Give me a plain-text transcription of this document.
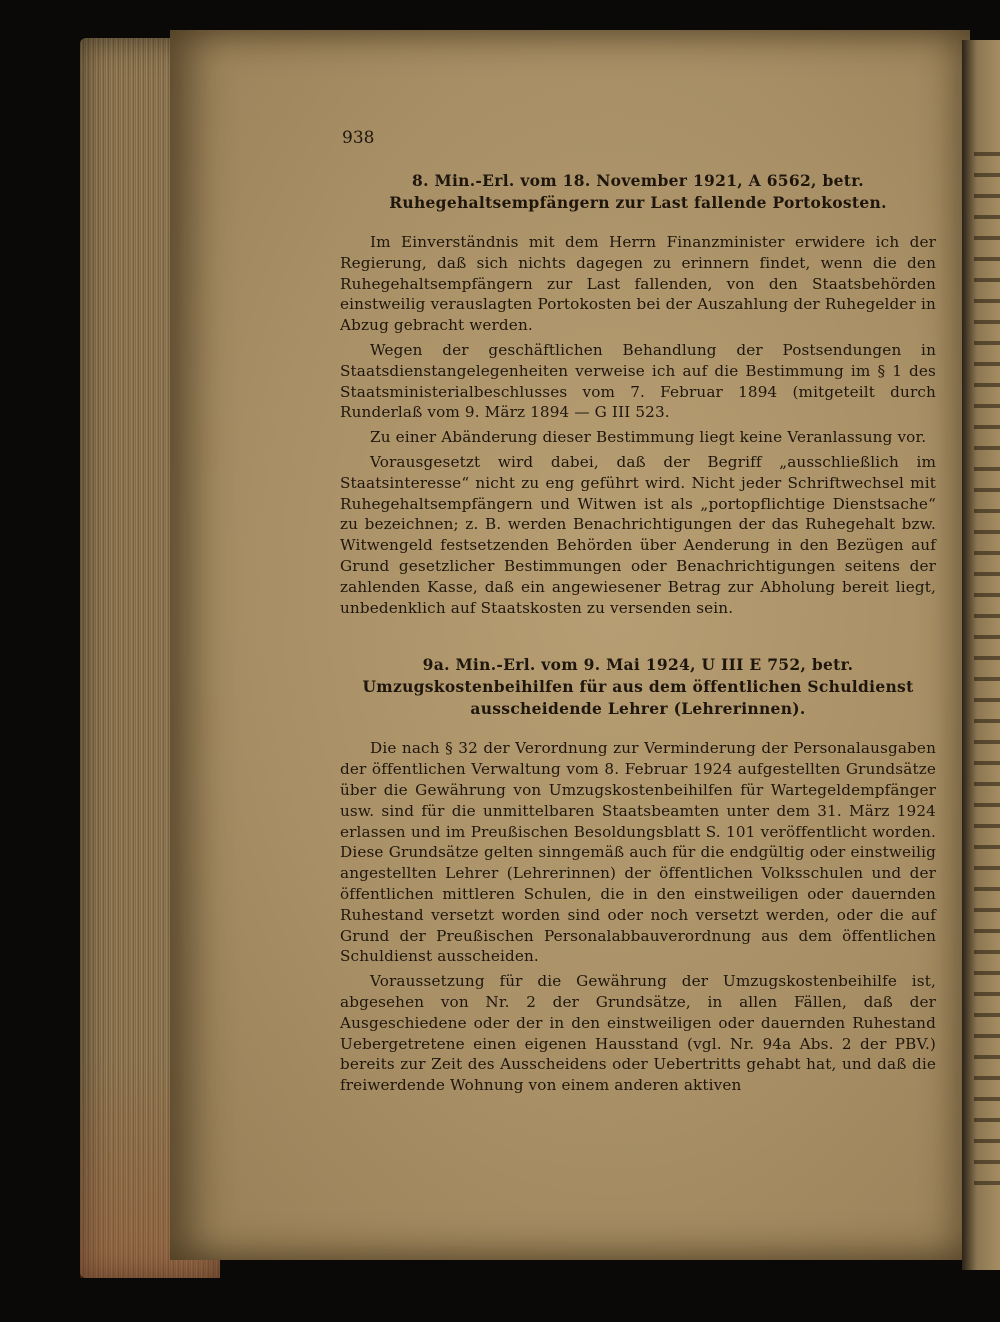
938
8. Min.-Erl. vom 18. November 1921, A 6562, betr. Ruhegehaltsempfängern zur Last fallende Portokosten.

Im Einverständnis mit dem Herrn Finanzminister erwidere ich der Regierung, daß sich nichts dagegen zu erinnern findet, wenn die den Ruhegehaltsempfängern zur Last fallenden, von den Staatsbehörden einstweilig verauslagten Portokosten bei der Auszahlung der Ruhegelder in Abzug gebracht werden.

Wegen der geschäftlichen Behandlung der Postsendungen in Staatsdienstangelegenheiten verweise ich auf die Bestimmung im § 1 des Staatsministerialbeschlusses vom 7. Februar 1894 (mitgeteilt durch Runderlaß vom 9. März 1894 — G III 523.

Zu einer Abänderung dieser Bestimmung liegt keine Veranlassung vor.

Vorausgesetzt wird dabei, daß der Begriff „ausschließlich im Staatsinteresse“ nicht zu eng geführt wird. Nicht jeder Schriftwechsel mit Ruhegehaltsempfängern und Witwen ist als „portopflichtige Dienstsache“ zu bezeichnen; z. B. werden Benachrichtigungen der das Ruhegehalt bzw. Witwengeld festsetzenden Behörden über Aenderung in den Bezügen auf Grund gesetzlicher Bestimmungen oder Benachrichtigungen seitens der zahlenden Kasse, daß ein angewiesener Betrag zur Abholung bereit liegt, unbedenklich auf Staatskosten zu versenden sein.

9a. Min.-Erl. vom 9. Mai 1924, U III E 752, betr. Umzugskostenbeihilfen für aus dem öffentlichen Schuldienst ausscheidende Lehrer (Lehrerinnen).

Die nach § 32 der Verordnung zur Verminderung der Personalausgaben der öffentlichen Verwaltung vom 8. Februar 1924 aufgestellten Grundsätze über die Gewährung von Umzugskostenbeihilfen für Wartegeldempfänger usw. sind für die unmittelbaren Staatsbeamten unter dem 31. März 1924 erlassen und im Preußischen Besoldungsblatt S. 101 veröffentlicht worden. Diese Grundsätze gelten sinngemäß auch für die endgültig oder einstweilig angestellten Lehrer (Lehrerinnen) der öffentlichen Volksschulen und der öffentlichen mittleren Schulen, die in den einstweiligen oder dauernden Ruhestand versetzt worden sind oder noch versetzt werden, oder die auf Grund der Preußischen Personalabbauverordnung aus dem öffentlichen Schuldienst ausscheiden.

Voraussetzung für die Gewährung der Umzugskostenbeihilfe ist, abgesehen von Nr. 2 der Grundsätze, in allen Fällen, daß der Ausgeschiedene oder der in den einstweiligen oder dauernden Ruhestand Uebergetretene einen eigenen Hausstand (vgl. Nr. 94a Abs. 2 der PBV.) bereits zur Zeit des Ausscheidens oder Uebertritts gehabt hat, und daß die freiwerdende Wohnung von einem anderen aktiven
